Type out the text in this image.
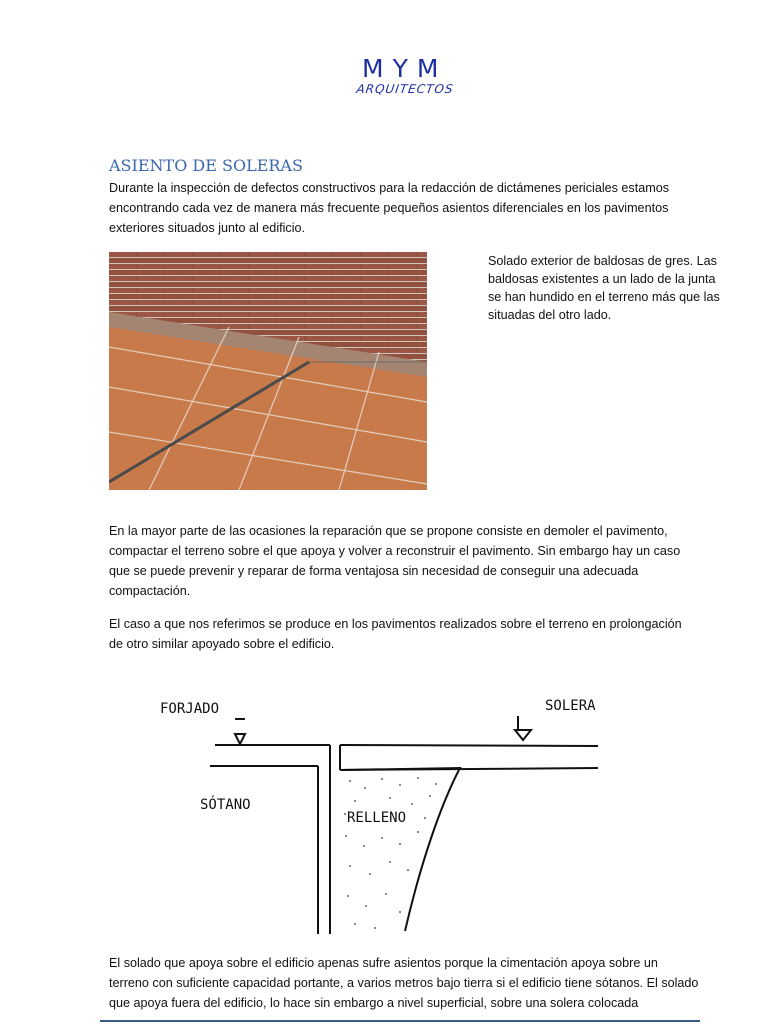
MYM
ARQUITECTOS
ASIENTO DE SOLERAS

Durante la inspección de defectos constructivos para la redacción de dictámenes periciales estamos encontrando cada vez de manera más frecuente pequeños asientos diferenciales en los pavimentos exteriores situados junto al edificio.

Solado exterior de baldosas de gres. Las baldosas existentes a un lado de la junta se han hundido en el terreno más que las situadas del otro lado.

En la mayor parte de las ocasiones la reparación que se propone consiste en demoler el pavimento, compactar el terreno sobre el que apoya y volver a reconstruir el pavimento. Sin embargo hay un caso que se puede prevenir y reparar de forma ventajosa sin necesidad de conseguir una adecuada compactación.

El caso a que nos referimos se produce en los pavimentos realizados sobre el terreno en prolongación de otro similar apoyado sobre el edificio.

FORJADO	SOLERA
SÓTANO
RELLENO

El solado que apoya sobre el edificio apenas sufre asientos porque la cimentación apoya sobre un terreno con suficiente capacidad portante, a varios metros bajo tierra si el edificio tiene sótanos. El solado que apoya fuera del edificio, lo hace sin embargo a nivel superficial, sobre una solera colocada
